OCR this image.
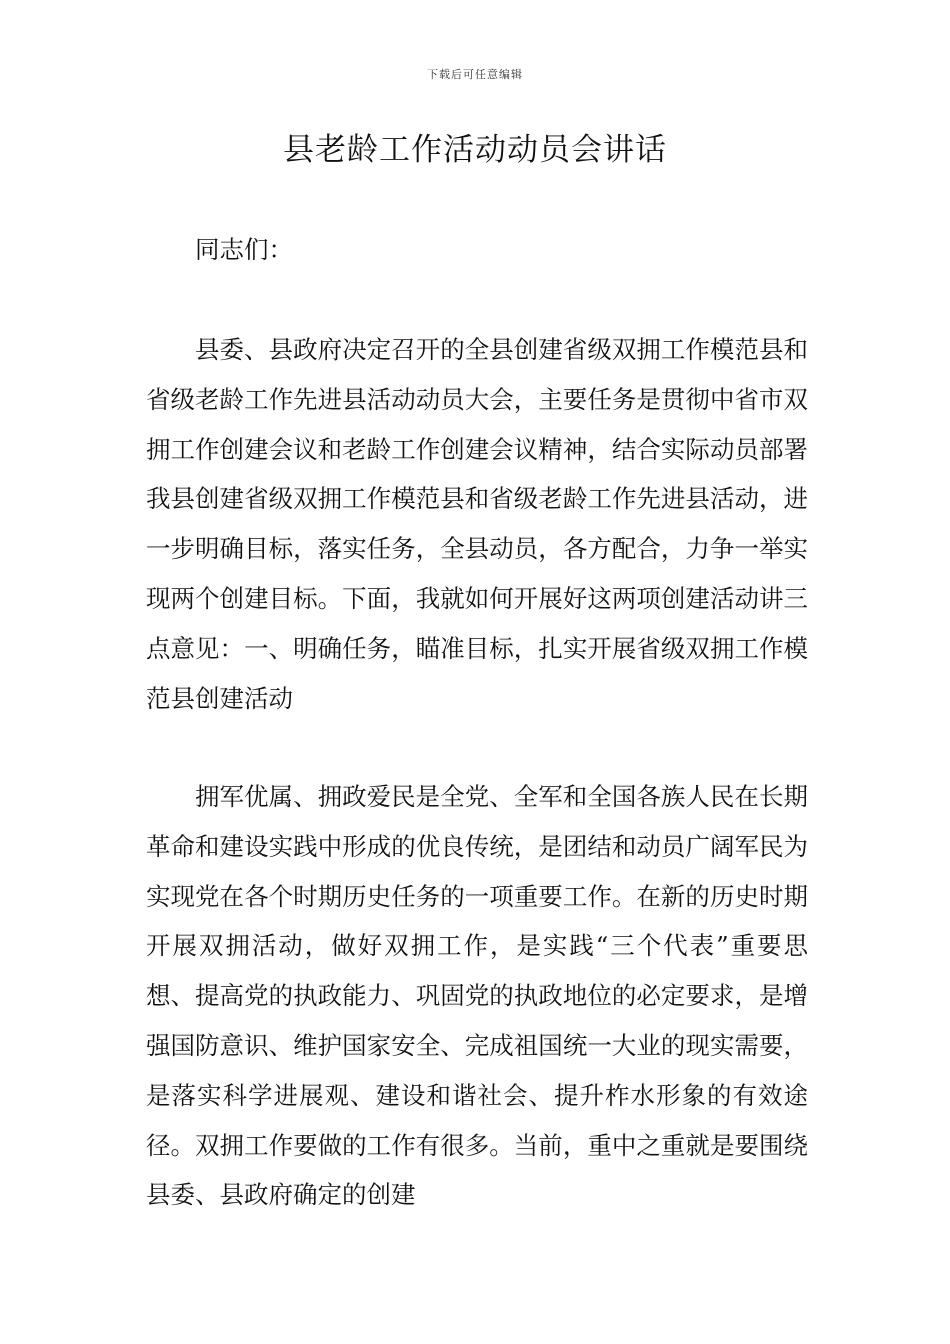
下载后可任意编辑
县老龄工作活动动员会讲话

同志们：

县委、县政府决定召开的全县创建省级双拥工作模范县和省级老龄工作先进县活动动员大会，主要任务是贯彻中省市双拥工作创建会议和老龄工作创建会议精神，结合实际动员部署我县创建省级双拥工作模范县和省级老龄工作先进县活动，进一步明确目标，落实任务，全县动员，各方配合，力争一举实现两个创建目标。下面，我就如何开展好这两项创建活动讲三点意见：一、明确任务，瞄准目标，扎实开展省级双拥工作模范县创建活动

拥军优属、拥政爱民是全党、全军和全国各族人民在长期革命和建设实践中形成的优良传统，是团结和动员广阔军民为实现党在各个时期历史任务的一项重要工作。在新的历史时期开展双拥活动，做好双拥工作，是实践“三个代表”重要思想、提高党的执政能力、巩固党的执政地位的必定要求，是增强国防意识、维护国家安全、完成祖国统一大业的现实需要，是落实科学进展观、建设和谐社会、提升柞水形象的有效途径。双拥工作要做的工作有很多。当前，重中之重就是要围绕县委、县政府确定的创建
